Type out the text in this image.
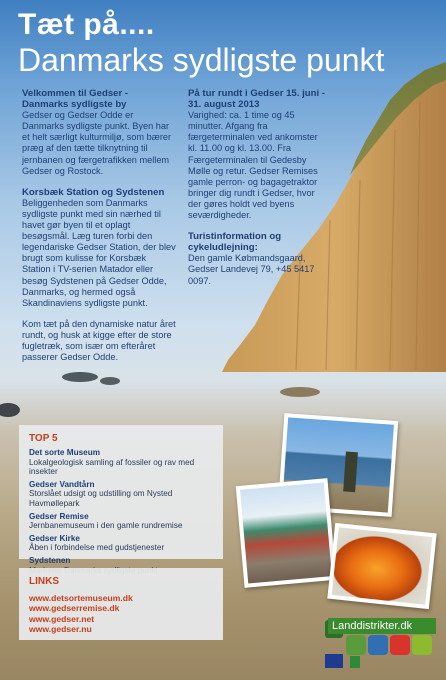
Tæt på....
Danmarks sydligste punkt
Velkommen til Gedser - Danmarks sydligste by

Gedser og Gedser Odde er Danmarks sydligste punkt. Byen har et helt særligt kulturmiljø, som bærer præg af den tætte tilknytning til jernbanen og færgetrafikken mellem Gedser og Rostock.

Korsbæk Station og Sydstenen

Beliggenheden som Danmarks sydligste punkt med sin nærhed til havet gør byen til et oplagt besøgsmål. Læg turen forbi den legendariske Gedser Station, der blev brugt som kulisse for Korsbæk Station i TV-serien Matador eller besøg Sydstenen på Gedser Odde, Danmarks, og hermed også Skandinaviens sydligste punkt.

Kom tæt på den dynamiske natur året rundt, og husk at kigge efter de store fugletræk, som især om efteråret passerer Gedser Odde.

På tur rundt i Gedser 15. juni - 31. august 2013

Varighed: ca. 1 time og 45 minutter. Afgang fra færgeterminalen ved ankomster kl. 11.00 og kl. 13.00. Fra Færgeterminalen til Gedesby Mølle og retur. Gedser Remises gamle perron- og bagagetraktor bringer dig rundt i Gedser, hvor der gøres holdt ved byens seværdigheder.

Turistinformation og cykeludlejning:

Den gamle Købmandsgaard, Gedser Landevej 79, +45 5417 0097.

TOP 5
Det sorte Museum
Lokalgeologisk samling af fossiler og rav med insekter
Gedser Vandtårn
Storslået udsigt og udstilling om Nysted Havmøllepark
Gedser Remise
Jernbanemuseum i den gamle rundremise
Gedser Kirke
Åben i forbindelse med gudstjenester
Sydstenen

LINKS
www.detsortemuseum.dk
www.gedserremise.dk
www.gedser.net
www.gedser.nu	Landdistrikter.dk
